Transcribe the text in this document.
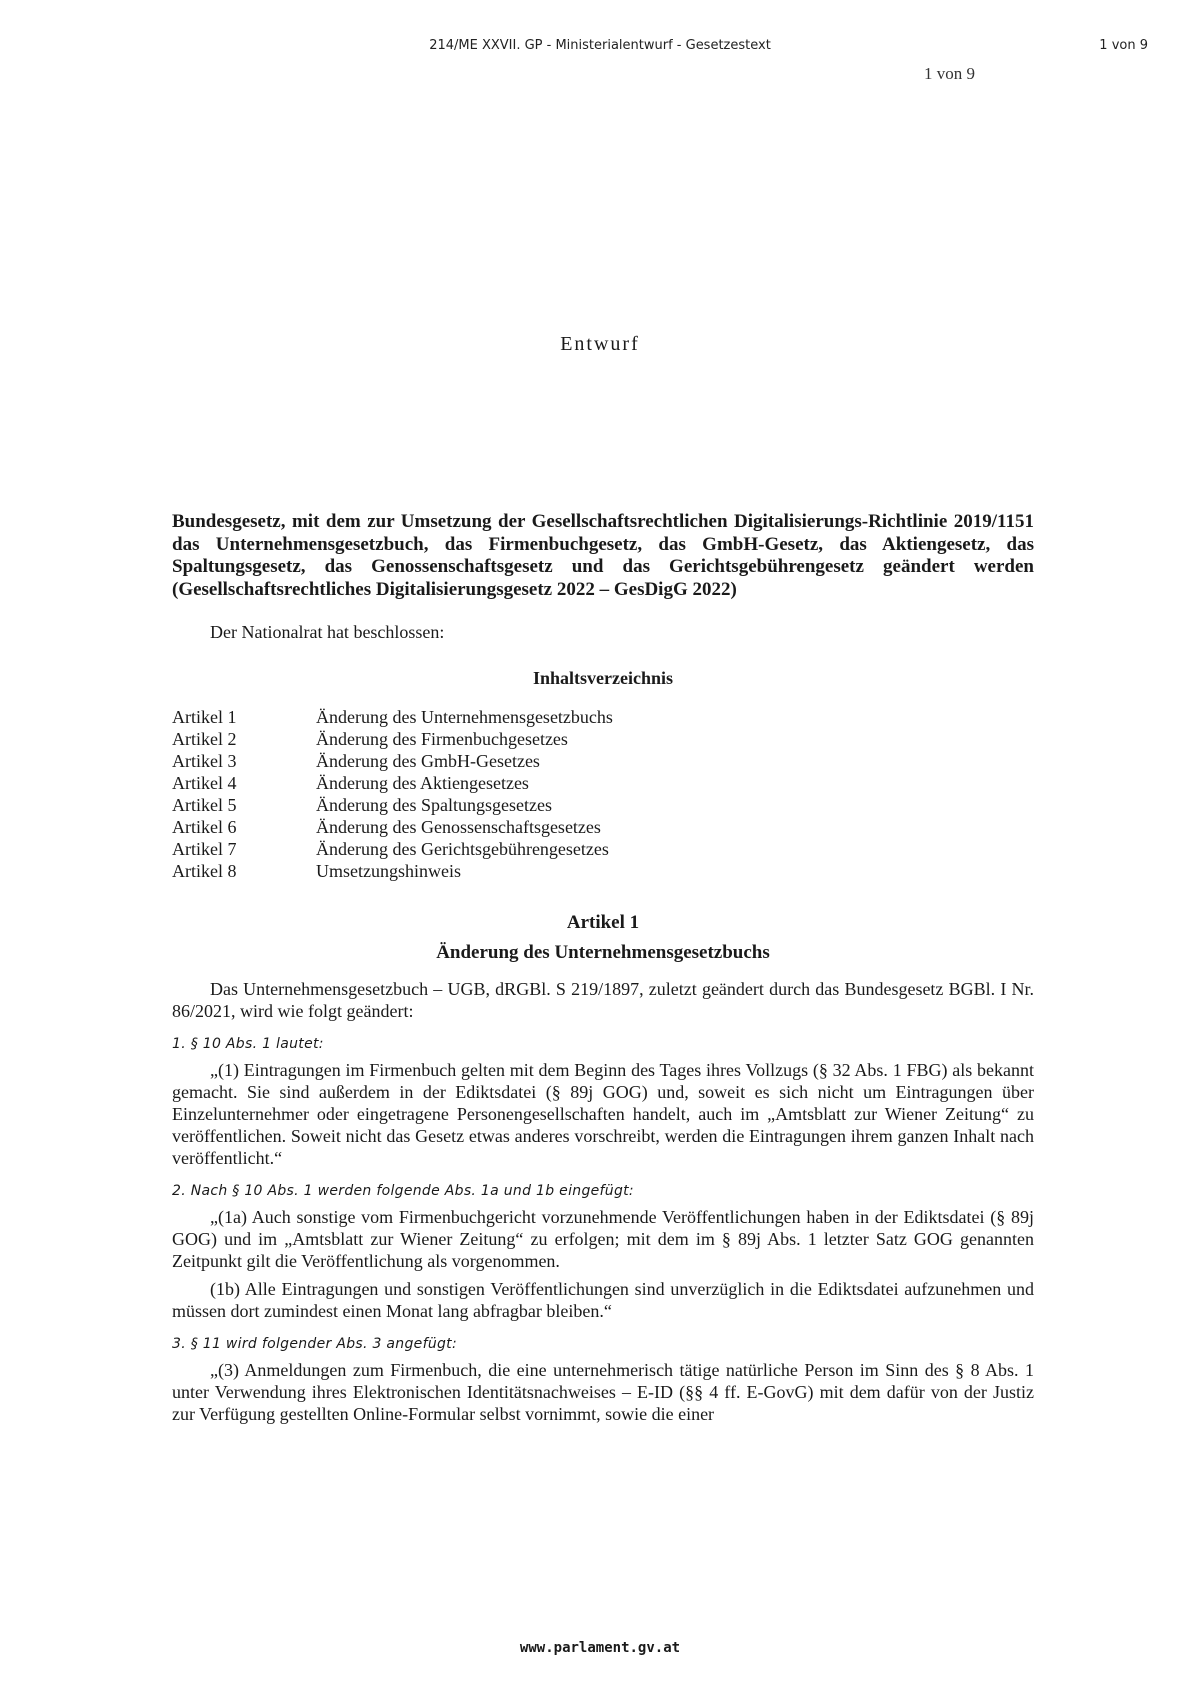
214/ME XXVII. GP - Ministerialentwurf - Gesetzestext	1 von 9
1 von 9
Entwurf

Bundesgesetz, mit dem zur Umsetzung der Gesellschaftsrechtlichen Digitalisierungs-Richtlinie 2019/1151 das Unternehmensgesetzbuch, das Firmenbuchgesetz, das GmbH-Gesetz, das Aktiengesetz, das Spaltungsgesetz, das Genossenschaftsgesetz und das Gerichtsgebührengesetz geändert werden (Gesellschaftsrechtliches Digitalisierungsgesetz 2022 – GesDigG 2022)

Der Nationalrat hat beschlossen:
Inhaltsverzeichnis
Artikel 1	Änderung des Unternehmensgesetzbuchs
Artikel 2	Änderung des Firmenbuchgesetzes
Artikel 3	Änderung des GmbH-Gesetzes
Artikel 4	Änderung des Aktiengesetzes
Artikel 5	Änderung des Spaltungsgesetzes
Artikel 6	Änderung des Genossenschaftsgesetzes
Artikel 7	Änderung des Gerichtsgebührengesetzes
Artikel 8	Umsetzungshinweis
Artikel 1
Änderung des Unternehmensgesetzbuchs

Das Unternehmensgesetzbuch – UGB, dRGBl. S 219/1897, zuletzt geändert durch das Bundesgesetz BGBl. I Nr. 86/2021, wird wie folgt geändert:

1. § 10 Abs. 1 lautet:

„(1) Eintragungen im Firmenbuch gelten mit dem Beginn des Tages ihres Vollzugs (§ 32 Abs. 1 FBG) als bekannt gemacht. Sie sind außerdem in der Ediktsdatei (§ 89j GOG) und, soweit es sich nicht um Eintragungen über Einzelunternehmer oder eingetragene Personengesellschaften handelt, auch im „Amtsblatt zur Wiener Zeitung“ zu veröffentlichen. Soweit nicht das Gesetz etwas anderes vorschreibt, werden die Eintragungen ihrem ganzen Inhalt nach veröffentlicht.“

2. Nach § 10 Abs. 1 werden folgende Abs. 1a und 1b eingefügt:

„(1a) Auch sonstige vom Firmenbuchgericht vorzunehmende Veröffentlichungen haben in der Ediktsdatei (§ 89j GOG) und im „Amtsblatt zur Wiener Zeitung“ zu erfolgen; mit dem im § 89j Abs. 1 letzter Satz GOG genannten Zeitpunkt gilt die Veröffentlichung als vorgenommen.

(1b) Alle Eintragungen und sonstigen Veröffentlichungen sind unverzüglich in die Ediktsdatei aufzunehmen und müssen dort zumindest einen Monat lang abfragbar bleiben.“

3. § 11 wird folgender Abs. 3 angefügt:

„(3) Anmeldungen zum Firmenbuch, die eine unternehmerisch tätige natürliche Person im Sinn des § 8 Abs. 1 unter Verwendung ihres Elektronischen Identitätsnachweises – E-ID (§§ 4 ff. E-GovG) mit dem dafür von der Justiz zur Verfügung gestellten Online-Formular selbst vornimmt, sowie die einer

www.parlament.gv.at
